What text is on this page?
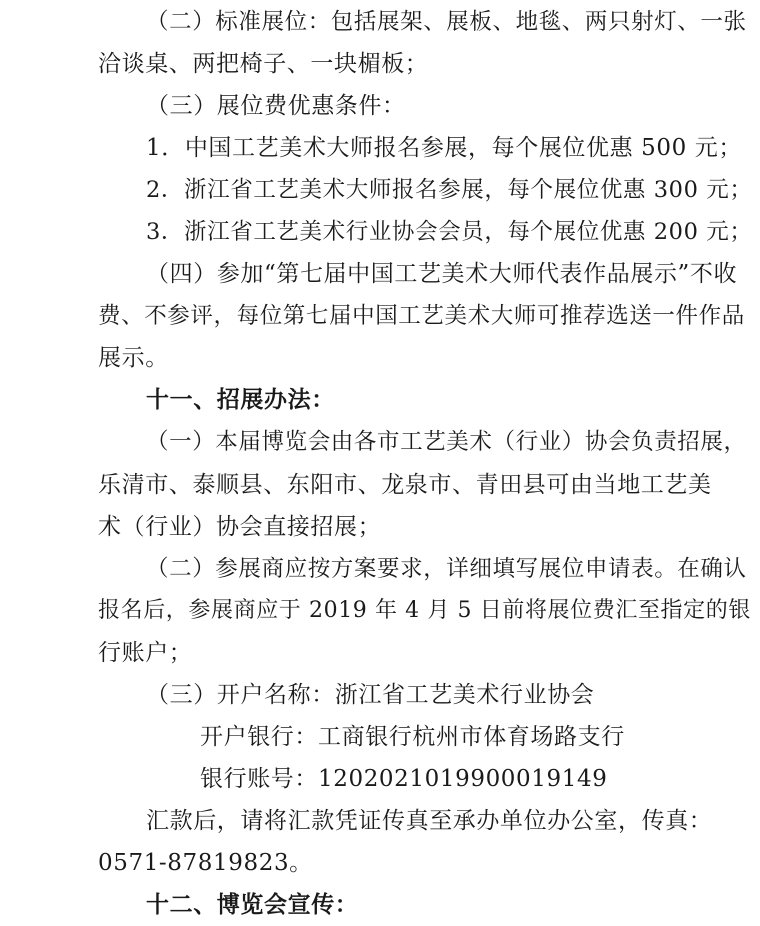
（二）标准展位：包括展架、展板、地毯、两只射灯、一张
洽谈桌、两把椅子、一块楣板；
（三）展位费优惠条件：
1．中国工艺美术大师报名参展，每个展位优惠 500 元；
2．浙江省工艺美术大师报名参展，每个展位优惠 300 元；
3．浙江省工艺美术行业协会会员，每个展位优惠 200 元；
（四）参加“第七届中国工艺美术大师代表作品展示”不收
费、不参评，每位第七届中国工艺美术大师可推荐选送一件作品
展示。
十一、招展办法：
（一）本届博览会由各市工艺美术（行业）协会负责招展，
乐清市、泰顺县、东阳市、龙泉市、青田县可由当地工艺美
术（行业）协会直接招展；
（二）参展商应按方案要求，详细填写展位申请表。在确认
报名后，参展商应于 2019 年 4 月 5 日前将展位费汇至指定的银
行账户；
（三）开户名称：浙江省工艺美术行业协会
开户银行：工商银行杭州市体育场路支行
银行账号：1202021019900019149
汇款后，请将汇款凭证传真至承办单位办公室，传真：
0571-87819823。
十二、博览会宣传：
